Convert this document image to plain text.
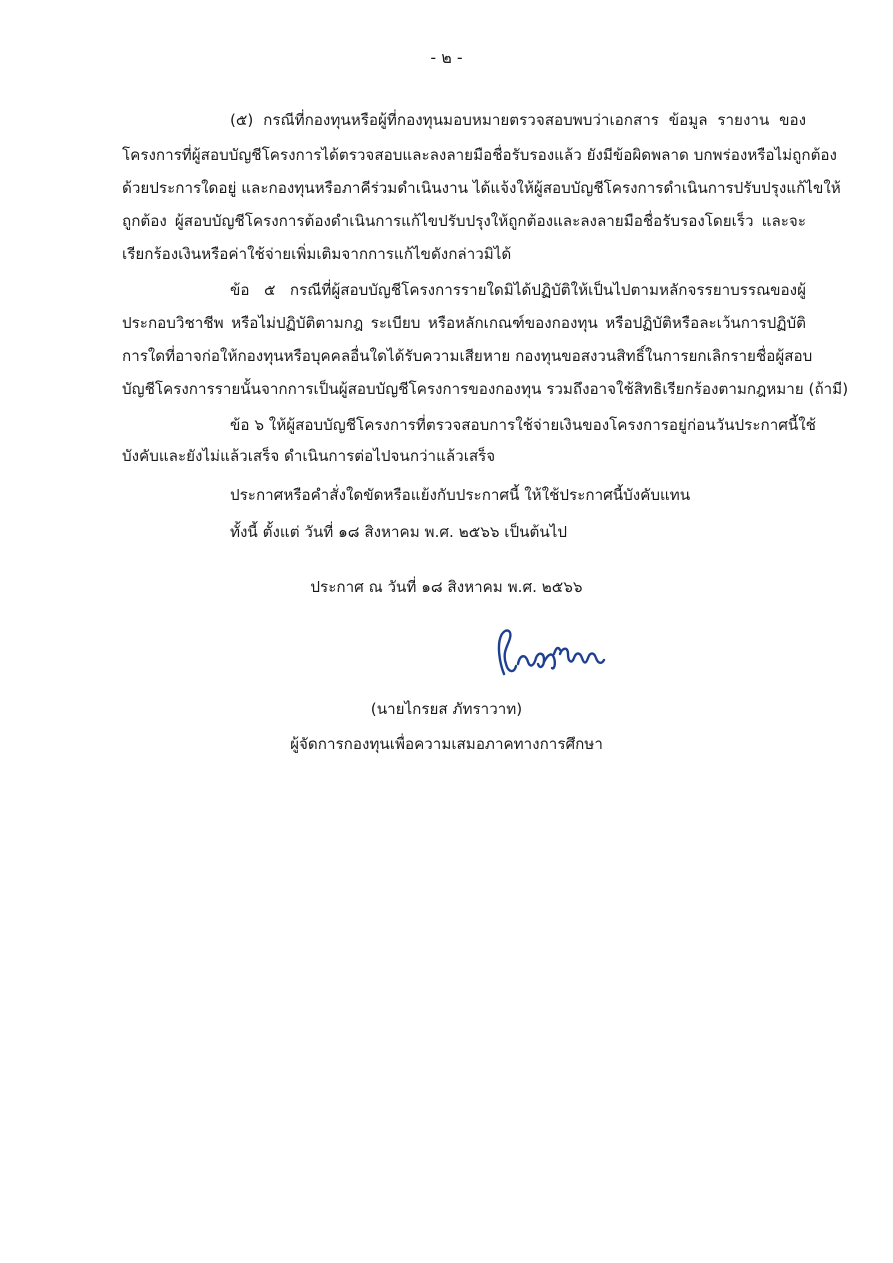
- ๒ -
(๕) กรณีที่กองทุนหรือผู้ที่กองทุนมอบหมายตรวจสอบพบว่าเอกสาร ข้อมูล รายงาน ของ
โครงการที่ผู้สอบบัญชีโครงการได้ตรวจสอบและลงลายมือชื่อรับรองแล้ว ยังมีข้อผิดพลาด บกพร่องหรือไม่ถูกต้อง
ด้วยประการใดอยู่ และกองทุนหรือภาคีร่วมดำเนินงาน ได้แจ้งให้ผู้สอบบัญชีโครงการดำเนินการปรับปรุงแก้ไขให้
ถูกต้อง ผู้สอบบัญชีโครงการต้องดำเนินการแก้ไขปรับปรุงให้ถูกต้องและลงลายมือชื่อรับรองโดยเร็ว และจะ
เรียกร้องเงินหรือค่าใช้จ่ายเพิ่มเติมจากการแก้ไขดังกล่าวมิได้
ข้อ ๕ กรณีที่ผู้สอบบัญชีโครงการรายใดมิได้ปฏิบัติให้เป็นไปตามหลักจรรยาบรรณของผู้
ประกอบวิชาชีพ หรือไม่ปฏิบัติตามกฎ ระเบียบ หรือหลักเกณฑ์ของกองทุน หรือปฏิบัติหรือละเว้นการปฏิบัติ
การใดที่อาจก่อให้กองทุนหรือบุคคลอื่นใดได้รับความเสียหาย กองทุนขอสงวนสิทธิ์ในการยกเลิกรายชื่อผู้สอบ
บัญชีโครงการรายนั้นจากการเป็นผู้สอบบัญชีโครงการของกองทุน รวมถึงอาจใช้สิทธิเรียกร้องตามกฎหมาย (ถ้ามี)
ข้อ ๖ ให้ผู้สอบบัญชีโครงการที่ตรวจสอบการใช้จ่ายเงินของโครงการอยู่ก่อนวันประกาศนี้ใช้
บังคับและยังไม่แล้วเสร็จ ดำเนินการต่อไปจนกว่าแล้วเสร็จ
ประกาศหรือคำสั่งใดขัดหรือแย้งกับประกาศนี้ ให้ใช้ประกาศนี้บังคับแทน
ทั้งนี้ ตั้งแต่ วันที่ ๑๘ สิงหาคม พ.ศ. ๒๕๖๖ เป็นต้นไป
ประกาศ ณ วันที่ ๑๘ สิงหาคม พ.ศ. ๒๕๖๖
(นายไกรยส ภัทราวาท)
ผู้จัดการกองทุนเพื่อความเสมอภาคทางการศึกษา
